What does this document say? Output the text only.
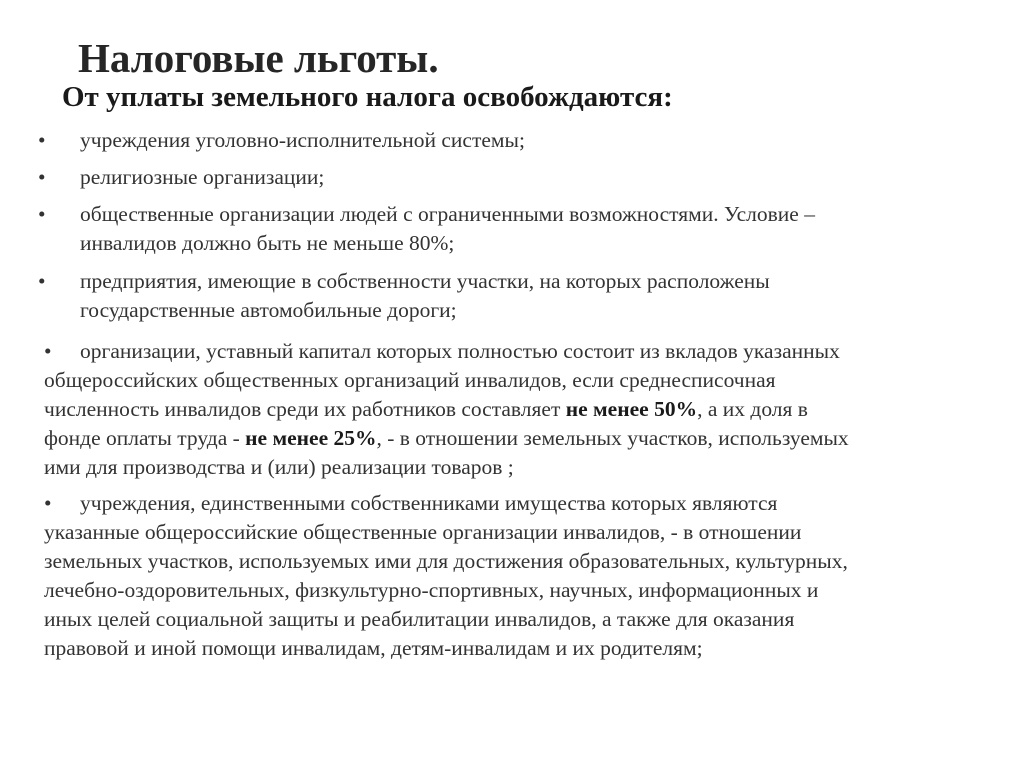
Налоговые льготы.
От уплаты земельного налога освобождаются:
•	учреждения уголовно-исполнительной системы;
•	религиозные организации;
•	общественные организации людей с ограниченными возможностями. Условие –
инвалидов должно быть не меньше 80%;
•	предприятия, имеющие в собственности участки, на которых расположены
государственные автомобильные дороги;
•	организации, уставный капитал которых полностью состоит из вкладов указанных
общероссийских общественных организаций инвалидов, если среднесписочная
численность инвалидов среди их работников составляет не менее 50%, а их доля в
фонде оплаты труда - не менее 25%, - в отношении земельных участков, используемых
ими для производства и (или) реализации товаров ;
•	учреждения, единственными собственниками имущества которых являются
указанные общероссийские общественные организации инвалидов, - в отношении
земельных участков, используемых ими для достижения образовательных, культурных,
лечебно-оздоровительных, физкультурно-спортивных, научных, информационных и
иных целей социальной защиты и реабилитации инвалидов, а также для оказания
правовой и иной помощи инвалидам, детям-инвалидам и их родителям;
